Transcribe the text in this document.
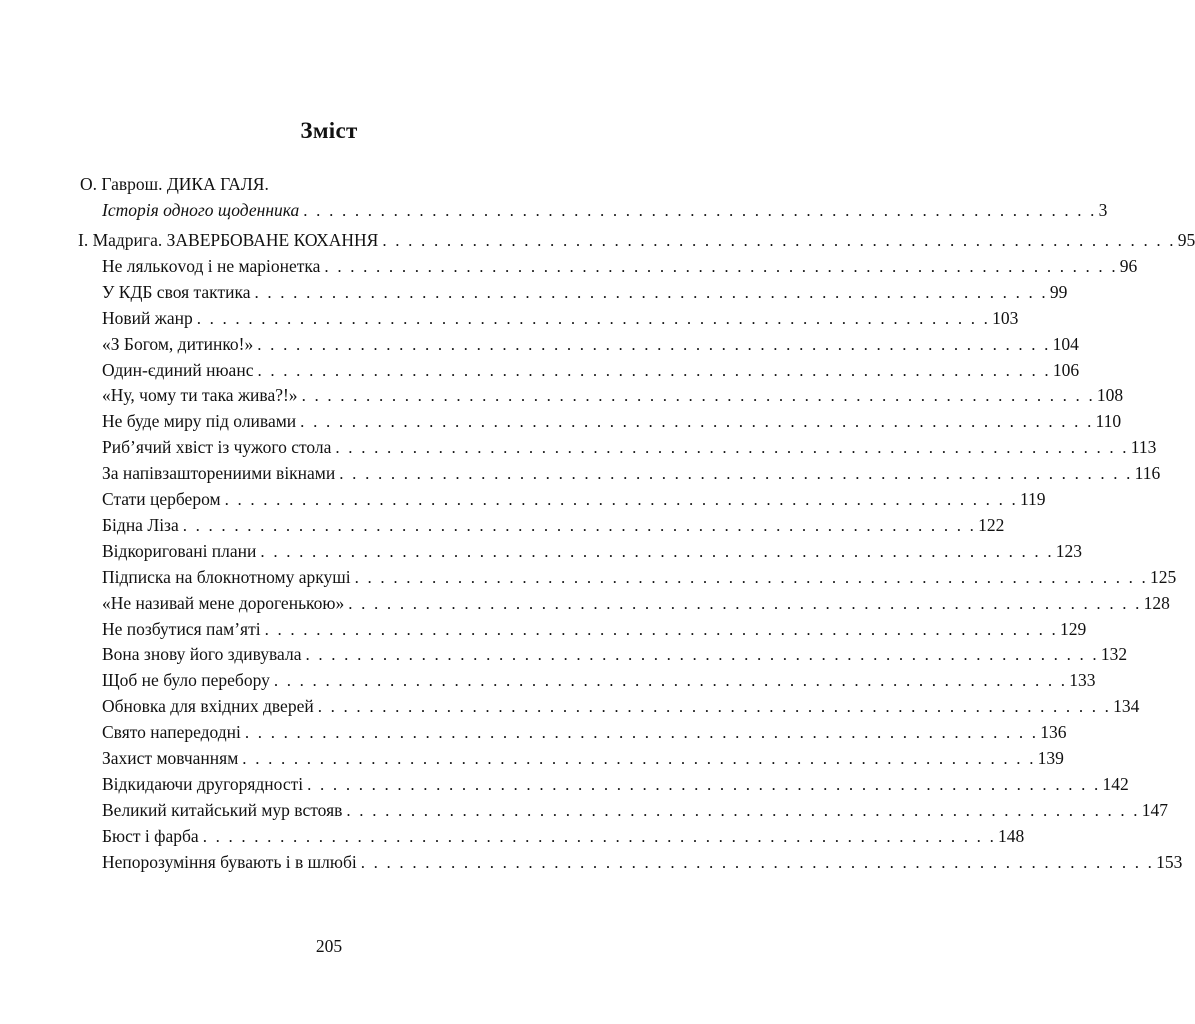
Зміст
О. Гаврош. ДИКА ГАЛЯ.
Історія одного щоденника . . . . . . . . . . . . . . . . . . . . . . . . . . . . . . . . . . . . . . . . . . . . . . . . . . . . . . . . . . . . . . 3
І. Мадрига. ЗАВЕРБОВАНЕ КОХАННЯ . . . . . . . . . . . . . . . . . . . . . . . . . . . . . . . . . . . . . . . . . . . . . . . . . . . . . . . . . . . . . . 95
Не лялькovод і не маріонетка . . . . . . . . . . . . . . . . . . . . . . . . . . . . . . . . . . . . . . . . . . . . . . . . . . . . . . . . . . . . . . 96
У КДБ своя тактика . . . . . . . . . . . . . . . . . . . . . . . . . . . . . . . . . . . . . . . . . . . . . . . . . . . . . . . . . . . . . . 99
Новий жанр . . . . . . . . . . . . . . . . . . . . . . . . . . . . . . . . . . . . . . . . . . . . . . . . . . . . . . . . . . . . . . 103
«З Богом, дитинко!» . . . . . . . . . . . . . . . . . . . . . . . . . . . . . . . . . . . . . . . . . . . . . . . . . . . . . . . . . . . . . . 104
Один-єдиний нюанс . . . . . . . . . . . . . . . . . . . . . . . . . . . . . . . . . . . . . . . . . . . . . . . . . . . . . . . . . . . . . . 106
«Ну, чому ти така жива?!» . . . . . . . . . . . . . . . . . . . . . . . . . . . . . . . . . . . . . . . . . . . . . . . . . . . . . . . . . . . . . . 108
Не буде миру під оливами . . . . . . . . . . . . . . . . . . . . . . . . . . . . . . . . . . . . . . . . . . . . . . . . . . . . . . . . . . . . . . 110
Риб’ячий хвіст із чужого стола . . . . . . . . . . . . . . . . . . . . . . . . . . . . . . . . . . . . . . . . . . . . . . . . . . . . . . . . . . . . . . 113
За напівзашторениими вікнами . . . . . . . . . . . . . . . . . . . . . . . . . . . . . . . . . . . . . . . . . . . . . . . . . . . . . . . . . . . . . . 116
Стати цербером . . . . . . . . . . . . . . . . . . . . . . . . . . . . . . . . . . . . . . . . . . . . . . . . . . . . . . . . . . . . . . 119
Бідна Ліза . . . . . . . . . . . . . . . . . . . . . . . . . . . . . . . . . . . . . . . . . . . . . . . . . . . . . . . . . . . . . . 122
Відкориговані плани . . . . . . . . . . . . . . . . . . . . . . . . . . . . . . . . . . . . . . . . . . . . . . . . . . . . . . . . . . . . . . 123
Підписка на блокнотному аркуші . . . . . . . . . . . . . . . . . . . . . . . . . . . . . . . . . . . . . . . . . . . . . . . . . . . . . . . . . . . . . . 125
«Не називай мене дорогенькою» . . . . . . . . . . . . . . . . . . . . . . . . . . . . . . . . . . . . . . . . . . . . . . . . . . . . . . . . . . . . . . 128
Не позбутися пам’яті . . . . . . . . . . . . . . . . . . . . . . . . . . . . . . . . . . . . . . . . . . . . . . . . . . . . . . . . . . . . . . 129
Вона знову його здивувала . . . . . . . . . . . . . . . . . . . . . . . . . . . . . . . . . . . . . . . . . . . . . . . . . . . . . . . . . . . . . . 132
Щоб не було перебору . . . . . . . . . . . . . . . . . . . . . . . . . . . . . . . . . . . . . . . . . . . . . . . . . . . . . . . . . . . . . . 133
Обновка для вхідних дверей . . . . . . . . . . . . . . . . . . . . . . . . . . . . . . . . . . . . . . . . . . . . . . . . . . . . . . . . . . . . . . 134
Свято напередодні . . . . . . . . . . . . . . . . . . . . . . . . . . . . . . . . . . . . . . . . . . . . . . . . . . . . . . . . . . . . . . 136
Захист мовчанням . . . . . . . . . . . . . . . . . . . . . . . . . . . . . . . . . . . . . . . . . . . . . . . . . . . . . . . . . . . . . . 139
Відкидаючи другорядності . . . . . . . . . . . . . . . . . . . . . . . . . . . . . . . . . . . . . . . . . . . . . . . . . . . . . . . . . . . . . . 142
Великий китайський мур встояв . . . . . . . . . . . . . . . . . . . . . . . . . . . . . . . . . . . . . . . . . . . . . . . . . . . . . . . . . . . . . . 147
Бюст і фарба . . . . . . . . . . . . . . . . . . . . . . . . . . . . . . . . . . . . . . . . . . . . . . . . . . . . . . . . . . . . . . 148
Непорозуміння бувають і в шлюбі . . . . . . . . . . . . . . . . . . . . . . . . . . . . . . . . . . . . . . . . . . . . . . . . . . . . . . . . . . . . . . 153
205
